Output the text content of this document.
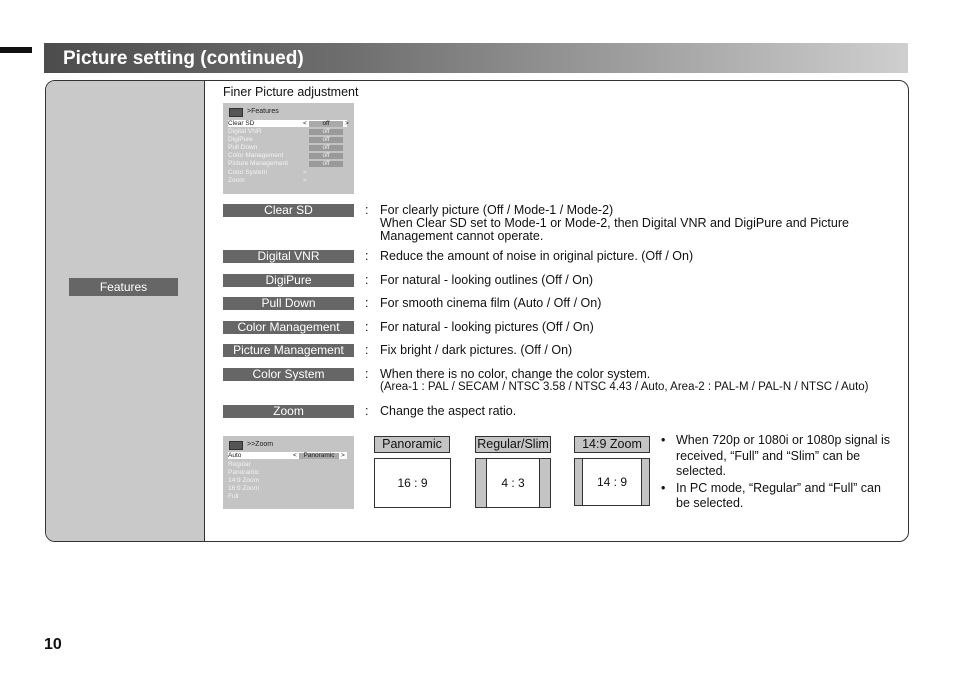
Picture setting (continued)
Features
Finer Picture adjustment
>Features
Clear SD	<	off	>
Digital VNR	off
DigiPure	off
Pull Down	off
Color Management	off
Picture Management	off
Color System	>
Zoom	>
Clear SD	: For clearly picture (Off / Mode-1 / Mode-2)
When Clear SD set to Mode-1 or Mode-2, then Digital VNR and DigiPure and Picture
Management cannot operate.
Digital VNR	: Reduce the amount of noise in original picture. (Off / On)
DigiPure	: For natural - looking outlines (Off / On)
Pull Down	: For smooth cinema film (Auto / Off / On)
Color Management	: For natural - looking pictures (Off / On)
Picture Management	: Fix bright / dark pictures. (Off / On)
Color System	: When there is no color, change the color system.
(Area-1 : PAL / SECAM / NTSC 3.58 / NTSC 4.43 / Auto, Area-2 : PAL-M / PAL-N / NTSC / Auto)
Zoom	: Change the aspect ratio.
>>Zoom
Auto	<	Panoramic >
Regular
Panoramic
14:9 Zoom
16:9 Zoom
Full
Panoramic
16 : 9
Regular/Slim
4 : 3
14:9 Zoom
14 : 9
• When 720p or 1080i or 1080p signal is received, “Full” and “Slim” can be selected.
• In PC mode, “Regular” and “Full” can be selected.
10
